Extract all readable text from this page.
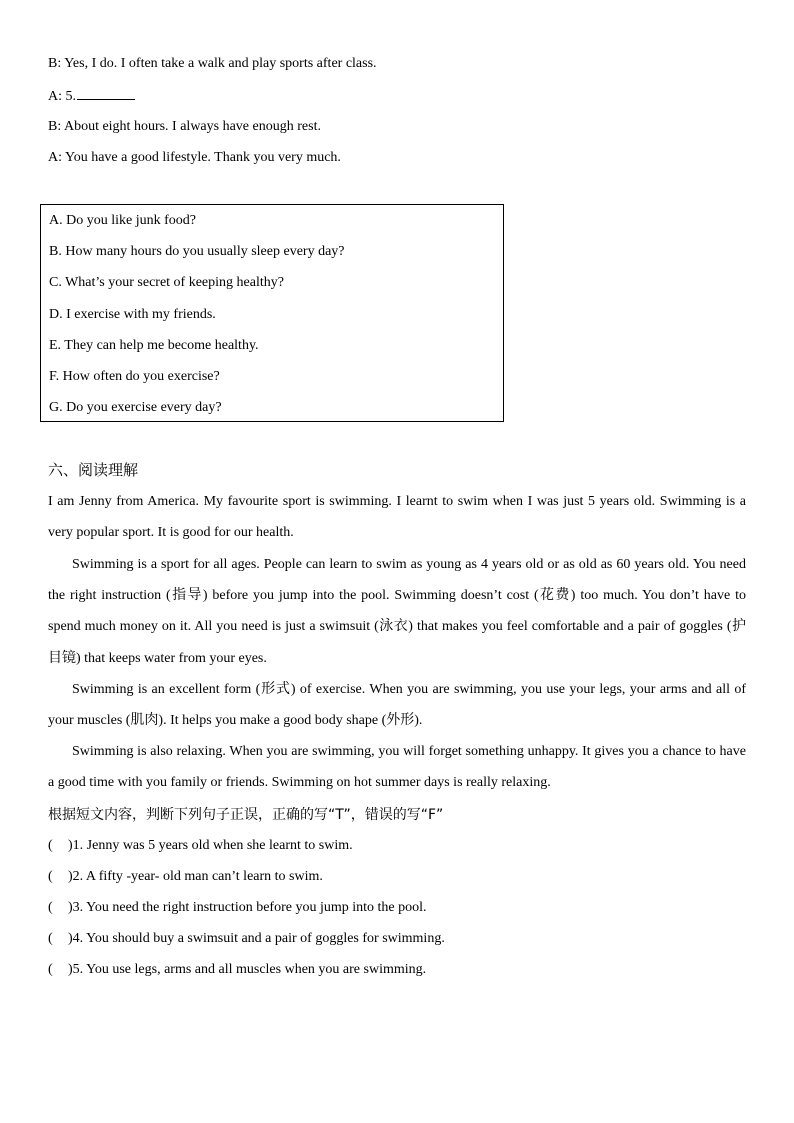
B: Yes, I do. I often take a walk and play sports after class.
A: 5.
B: About eight hours. I always have enough rest.
A: You have a good lifestyle. Thank you very much.
A. Do you like junk food?
B. How many hours do you usually sleep every day?
C. What’s your secret of keeping healthy?
D. I exercise with my friends.
E. They can help me become healthy.
F. How often do you exercise?
G. Do you exercise every day?
六、阅读理解
I am Jenny from America. My favourite sport is swimming. I learnt to swim when I was just 5 years old. Swimming is a very popular sport. It is good for our health.
Swimming is a sport for all ages. People can learn to swim as young as 4 years old or as old as 60 years old. You need the right instruction (指导) before you jump into the pool. Swimming doesn’t cost (花费) too much. You don’t have to spend much money on it. All you need is just a swimsuit (泳衣) that makes you feel comfortable and a pair of goggles (护目镜) that keeps water from your eyes.
Swimming is an excellent form (形式) of exercise. When you are swimming, you use your legs, your arms and all of your muscles (肌肉). It helps you make a good body shape (外形).
Swimming is also relaxing. When you are swimming, you will forget something unhappy. It gives you a chance to have a good time with you family or friends. Swimming on hot summer days is really relaxing.
根据短文内容，判断下列句子正误，正确的写“T”，错误的写“F”
( )1. Jenny was 5 years old when she learnt to swim.
( )2. A fifty -year- old man can’t learn to swim.
( )3. You need the right instruction before you jump into the pool.
( )4. You should buy a swimsuit and a pair of goggles for swimming.
( )5. You use legs, arms and all muscles when you are swimming.
